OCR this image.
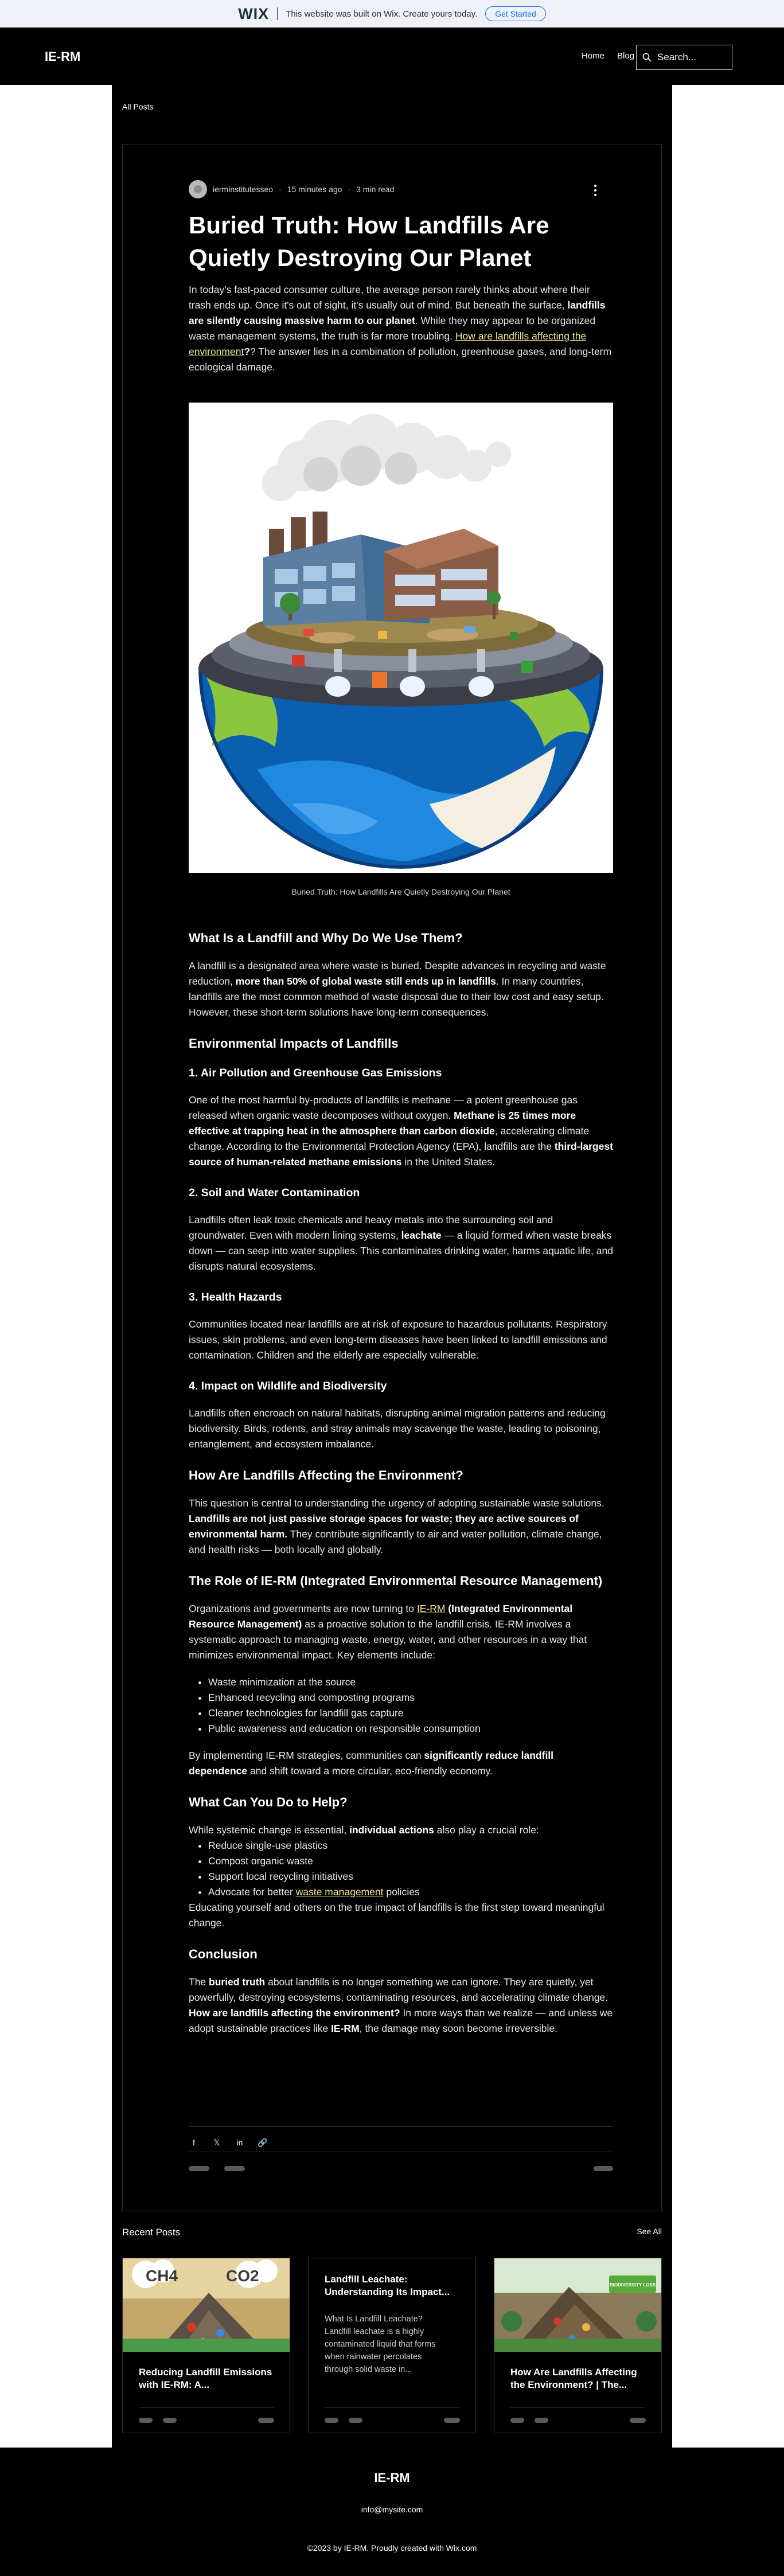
WIX This website was built on Wix. Create yours today.	Get Started
IE-RM	Home Blog Search...
All Posts
ierminstitutesseo · 15 minutes ago · 3 min read
Buried Truth: How Landfills Are Quietly Destroying Our Planet

In today's fast-paced consumer culture, the average person rarely thinks about where their trash ends up. Once it's out of sight, it's usually out of mind. But beneath the surface, landfills are silently causing massive harm to our planet. While they may appear to be organized waste management systems, the truth is far more troubling. How are landfills affecting the environment?? The answer lies in a combination of pollution, greenhouse gases, and long-term ecological damage.

Buried Truth: How Landfills Are Quietly Destroying Our Planet
What Is a Landfill and Why Do We Use Them?

A landfill is a designated area where waste is buried. Despite advances in recycling and waste reduction, more than 50% of global waste still ends up in landfills. In many countries, landfills are the most common method of waste disposal due to their low cost and easy setup. However, these short-term solutions have long-term consequences.

Environmental Impacts of Landfills
1. Air Pollution and Greenhouse Gas Emissions

One of the most harmful by-products of landfills is methane — a potent greenhouse gas released when organic waste decomposes without oxygen. Methane is 25 times more effective at trapping heat in the atmosphere than carbon dioxide, accelerating climate change. According to the Environmental Protection Agency (EPA), landfills are the third-largest source of human-related methane emissions in the United States.

2. Soil and Water Contamination

Landfills often leak toxic chemicals and heavy metals into the surrounding soil and groundwater. Even with modern lining systems, leachate — a liquid formed when waste breaks down — can seep into water supplies. This contaminates drinking water, harms aquatic life, and disrupts natural ecosystems.

3. Health Hazards

Communities located near landfills are at risk of exposure to hazardous pollutants. Respiratory issues, skin problems, and even long-term diseases have been linked to landfill emissions and contamination. Children and the elderly are especially vulnerable.

4. Impact on Wildlife and Biodiversity

Landfills often encroach on natural habitats, disrupting animal migration patterns and reducing biodiversity. Birds, rodents, and stray animals may scavenge the waste, leading to poisoning, entanglement, and ecosystem imbalance.

How Are Landfills Affecting the Environment?

This question is central to understanding the urgency of adopting sustainable waste solutions. Landfills are not just passive storage spaces for waste; they are active sources of environmental harm. They contribute significantly to air and water pollution, climate change, and health risks — both locally and globally.

The Role of IE-RM (Integrated Environmental Resource Management)

Organizations and governments are now turning to IE-RM (Integrated Environmental Resource Management) as a proactive solution to the landfill crisis. IE-RM involves a systematic approach to managing waste, energy, water, and other resources in a way that minimizes environmental impact. Key elements include:

• Waste minimization at the source
• Enhanced recycling and composting programs
• Cleaner technologies for landfill gas capture
• Public awareness and education on responsible consumption

By implementing IE-RM strategies, communities can significantly reduce landfill dependence and shift toward a more circular, eco-friendly economy.

What Can You Do to Help?

While systemic change is essential, individual actions also play a crucial role:

• Reduce single-use plastics
• Compost organic waste
• Support local recycling initiatives
• Advocate for better waste management policies

Educating yourself and others on the true impact of landfills is the first step toward meaningful change.

Conclusion

The buried truth about landfills is no longer something we can ignore. They are quietly, yet powerfully, destroying ecosystems, contaminating resources, and accelerating climate change. How are landfills affecting the environment? In more ways than we realize — and unless we adopt sustainable practices like IE-RM, the damage may soon become irreversible.

f	𝕏 in 🔗
Recent Posts	See All
CH4	CO2
Reducing Landfill Emissions with IE-RM: A...
Landfill Leachate: Understanding Its Impact...
What Is Landfill Leachate? Landfill leachate is a highly contaminated liquid that forms when rainwater percolates through solid waste in...
BIODIVERSITY LOSS
How Are Landfills Affecting the Environment? | The...
IE-RM
info@mysite.com
©2023 by IE-RM. Proudly created with Wix.com
